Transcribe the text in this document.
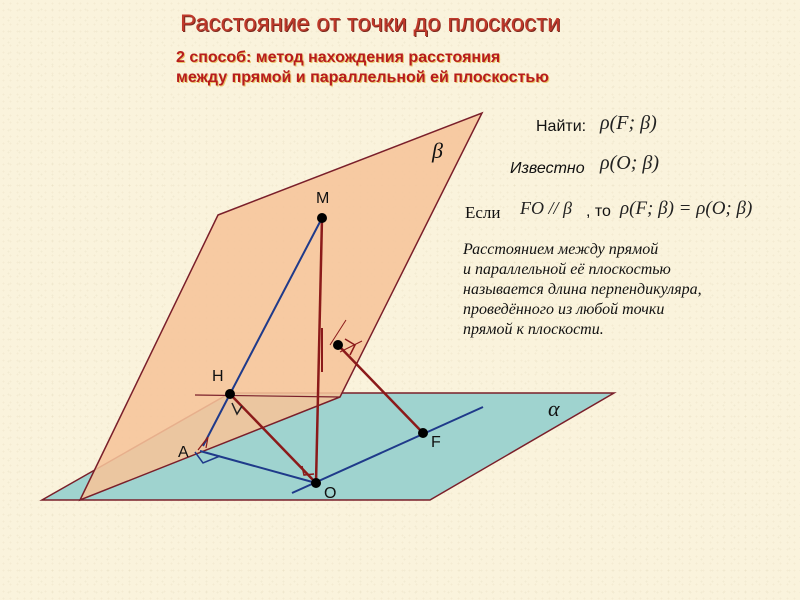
M
H
A
O
F
β
α
Расстояние от точки до плоскости
2 способ: метод нахождения расстояния
между прямой и параллельной ей плоскостью
Найти: ρ(F; β)
Известно ρ(O; β)
Если FO // β , то ρ(F; β) = ρ(O; β)
Расстоянием между прямой
и параллельной её плоскостью
называется длина перпендикуляра,
проведённого из любой точки
прямой к плоскости.
